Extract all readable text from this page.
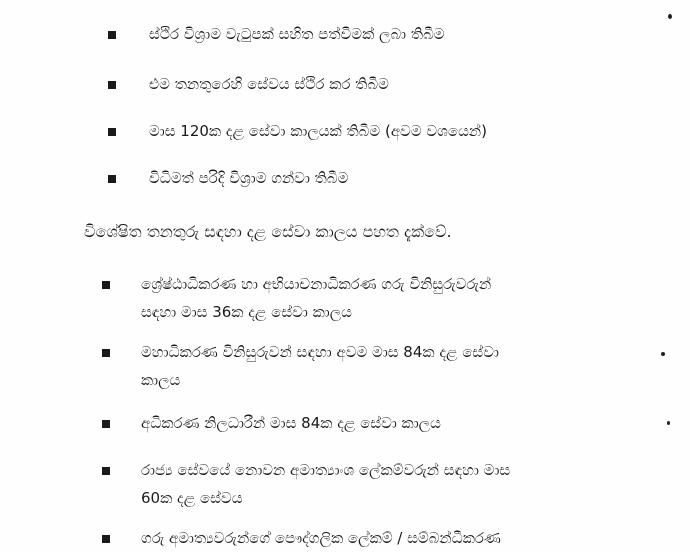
ස්ථිර විශ්‍රාම වැටුපක් සහිත පත්වීමක් ලබා තිබීම
එම තනතුරෙහි සේවය ස්ථිර කර තිබීම
මාස 120ක දළ සේවා කාලයක් තිබීම (අවම වශයෙන්)
විධිමත් පරිදි විශ්‍රාම ගන්වා තිබීම
විශේෂිත තනතුරු සඳහා දළ සේවා කාලය පහත දැක්වේ.
ශ්‍රේෂ්ඨාධිකරණ හා අභියාචනාධිකරණ ගරු විනිසුරුවරුන්
සඳහා මාස 36ක දළ සේවා කාලය
මහාධිකරණ විනිසුරුවන් සඳහා අවම මාස 84ක දළ සේවා
කාලය
අධිකරණ නිලධාරීන් මාස 84ක දළ සේවා කාලය
රාජ්‍ය සේවයේ නොවන අමාත්‍යාංශ ලේකම්වරුන් සඳහා මාස
60ක දළ සේවය
ගරු අමාත්‍යවරුන්ගේ පෞද්ගලික ලේකම් / සම්බන්ධීකරණ
